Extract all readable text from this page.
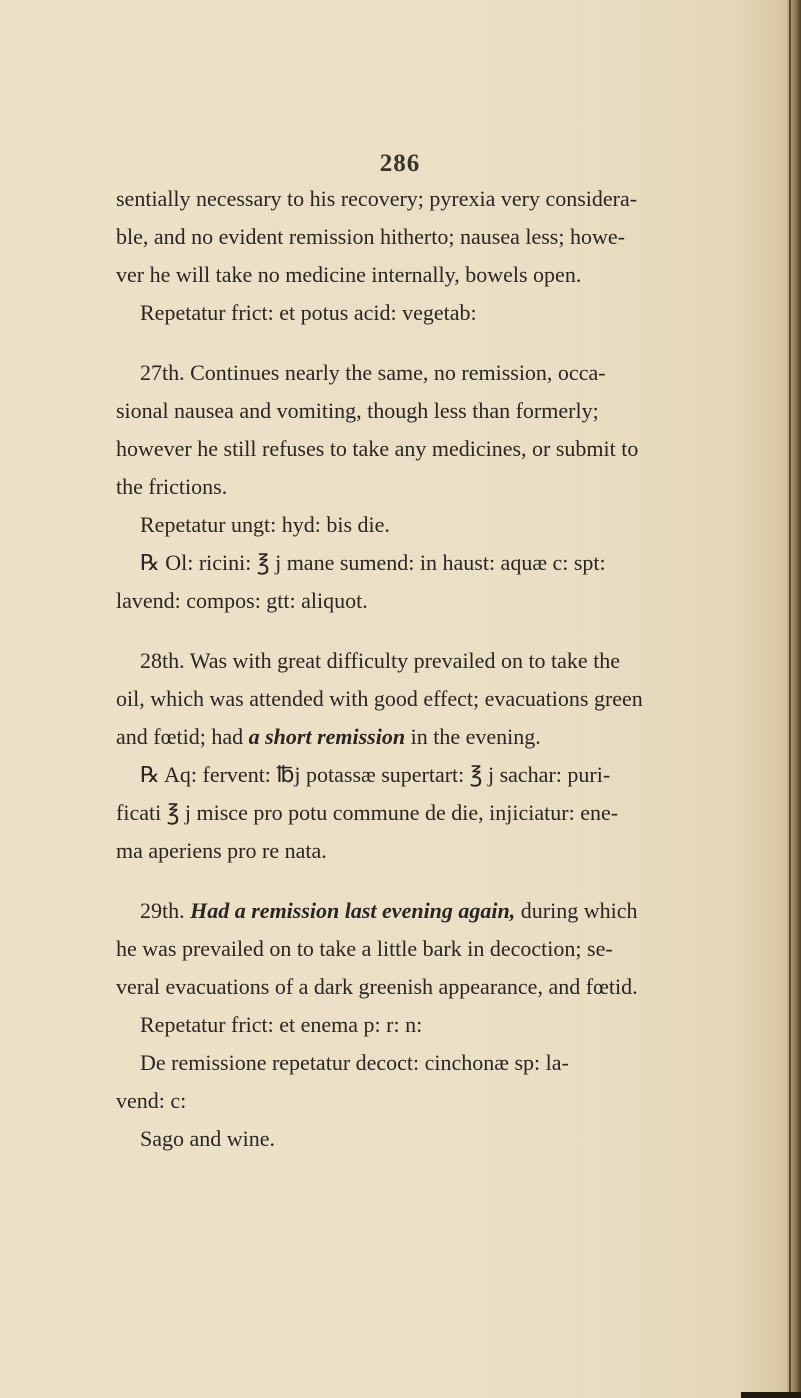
286
sentially necessary to his recovery; pyrexia very considera-
ble, and no evident remission hitherto; nausea less; howe-
ver he will take no medicine internally, bowels open.
Repetatur frict: et potus acid: vegetab:
27th. Continues nearly the same, no remission, occa-
sional nausea and vomiting, though less than formerly;
however he still refuses to take any medicines, or submit to
the frictions.
Repetatur ungt: hyd: bis die.
℞ Ol: ricini: ℥ j mane sumend: in haust: aquæ c: spt:
lavend: compos: gtt: aliquot.
28th. Was with great difficulty prevailed on to take the
oil, which was attended with good effect; evacuations green
and fœtid; had a short remission in the evening.
℞ Aq: fervent: ℔j potassæ supertart: ℥ j sachar: puri-
ficati ℥ j misce pro potu commune de die, injiciatur: ene-
ma aperiens pro re nata.
29th. Had a remission last evening again, during which
he was prevailed on to take a little bark in decoction; se-
veral evacuations of a dark greenish appearance, and fœtid.
Repetatur frict: et enema p: r: n:
De remissione repetatur decoct: cinchonæ sp: la-
vend: c:
Sago and wine.
